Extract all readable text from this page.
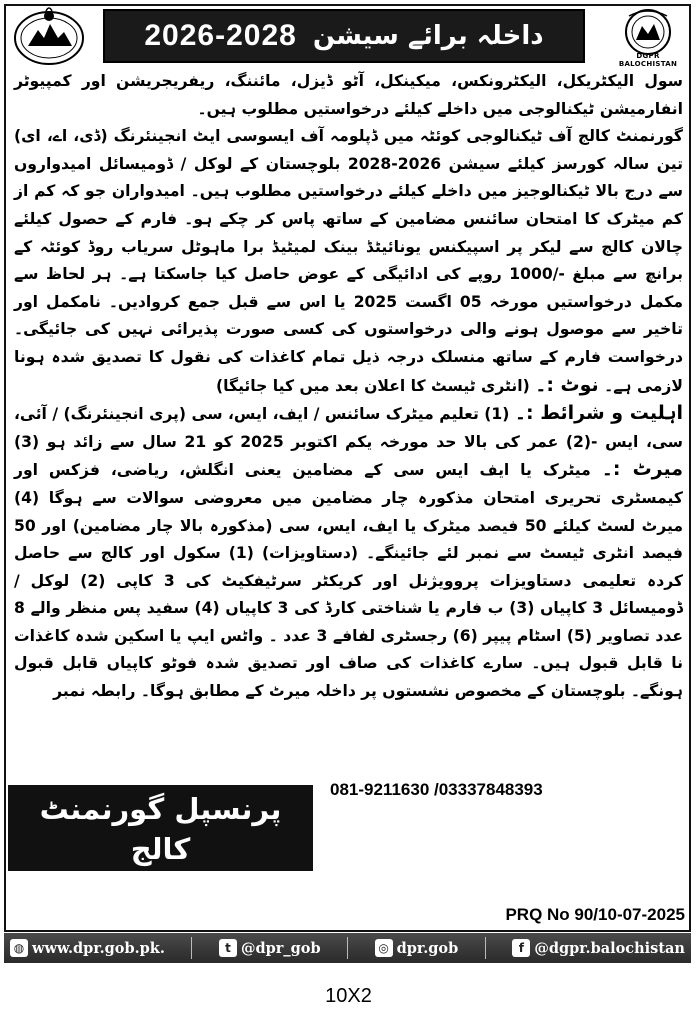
DGPR BALOCHISTAN
2026-2028 داخلہ برائے سیشن

سول الیکٹریکل، الیکٹرونکس، میکینکل، آٹو ڈیزل، مائننگ، ریفریجریشن اور کمپیوٹر انفارمیشن ٹیکنالوجی میں داخلے کیلئے درخواستیں مطلوب ہیں۔

گورنمنٹ کالج آف ٹیکنالوجی کوئٹہ میں ڈپلومہ آف ایسوسی ایٹ انجینئرنگ (ڈی، اے، ای) تین سالہ کورسز کیلئے سیشن 2026-2028 بلوچستان کے لوکل / ڈومیسائل امیدواروں سے درج بالا ٹیکنالوجیز میں داخلے کیلئے درخواستیں مطلوب ہیں۔ امیدواران جو کہ کم از کم میٹرک کا امتحان سائنس مضامین کے ساتھ پاس کر چکے ہو۔ فارم کے حصول کیلئے چالان کالج سے لیکر پر اسپیکنس یونائیٹڈ بینک لمیٹیڈ برا ماہوٹل سریاب روڈ کوئٹہ کے برانچ سے مبلغ -/1000 روپے کی ادائیگی کے عوض حاصل کیا جاسکتا ہے۔ ہر لحاظ سے مکمل درخواستیں مورخہ 05 اگست 2025 یا اس سے قبل جمع کروادیں۔ نامکمل اور تاخیر سے موصول ہونے والی درخواستوں کی کسی صورت پذیرائی نہیں کی جائیگی۔ درخواست فارم کے ساتھ منسلک درجہ ذیل تمام کاغذات کی نقول کا تصدیق شدہ ہونا لازمی ہے۔ نوٹ :۔ (انٹری ٹیسٹ کا اعلان بعد میں کیا جائیگا)

اہلیت و شرائط :۔ (1) تعلیم میٹرک سائنس / ایف، ایس، سی (پری انجینئرنگ) / آئی، سی، ایس -(2) عمر کی بالا حد مورخہ یکم اکتوبر 2025 کو 21 سال سے زائد ہو (3) میرٹ :۔ میٹرک یا ایف ایس سی کے مضامین یعنی انگلش، ریاضی، فزکس اور کیمسٹری تحریری امتحان مذکورہ چار مضامین میں معروضی سوالات سے ہوگا (4) میرٹ لسٹ کیلئے 50 فیصد میٹرک یا ایف، ایس، سی (مذکورہ بالا چار مضامین) اور 50 فیصد انٹری ٹیسٹ سے نمبر لئے جائینگے۔ (دستاویزات) (1) سکول اور کالج سے حاصل کردہ تعلیمی دستاویزات پروویژنل اور کریکٹر سرٹیفکیٹ کی 3 کاپی (2) لوکل / ڈومیسائل 3 کاپیاں (3) ب فارم یا شناختی کارڈ کی 3 کاپیاں (4) سفید پس منظر والے 8 عدد تصاویر (5) اسٹام پیپر (6) رجسٹری لفافے 3 عدد ۔ واٹس ایپ یا اسکین شدہ کاغذات نا قابل قبول ہیں۔ سارے کاغذات کی صاف اور تصدیق شدہ فوٹو کاپیاں قابل قبول ہونگے۔ بلوچستان کے مخصوص نشستوں پر داخلہ میرٹ کے مطابق ہوگا۔ رابطہ نمبر

081-9211630 /03337848393
پرنسپل گورنمنٹ کالج
آف ٹیکنالوجی کوئٹہ
PRQ No 90/10-07-2025
◍ www.dpr.gob.pk.	t @dpr_gob	◎ dpr.gob	f @dgpr.balochistan
10X2
